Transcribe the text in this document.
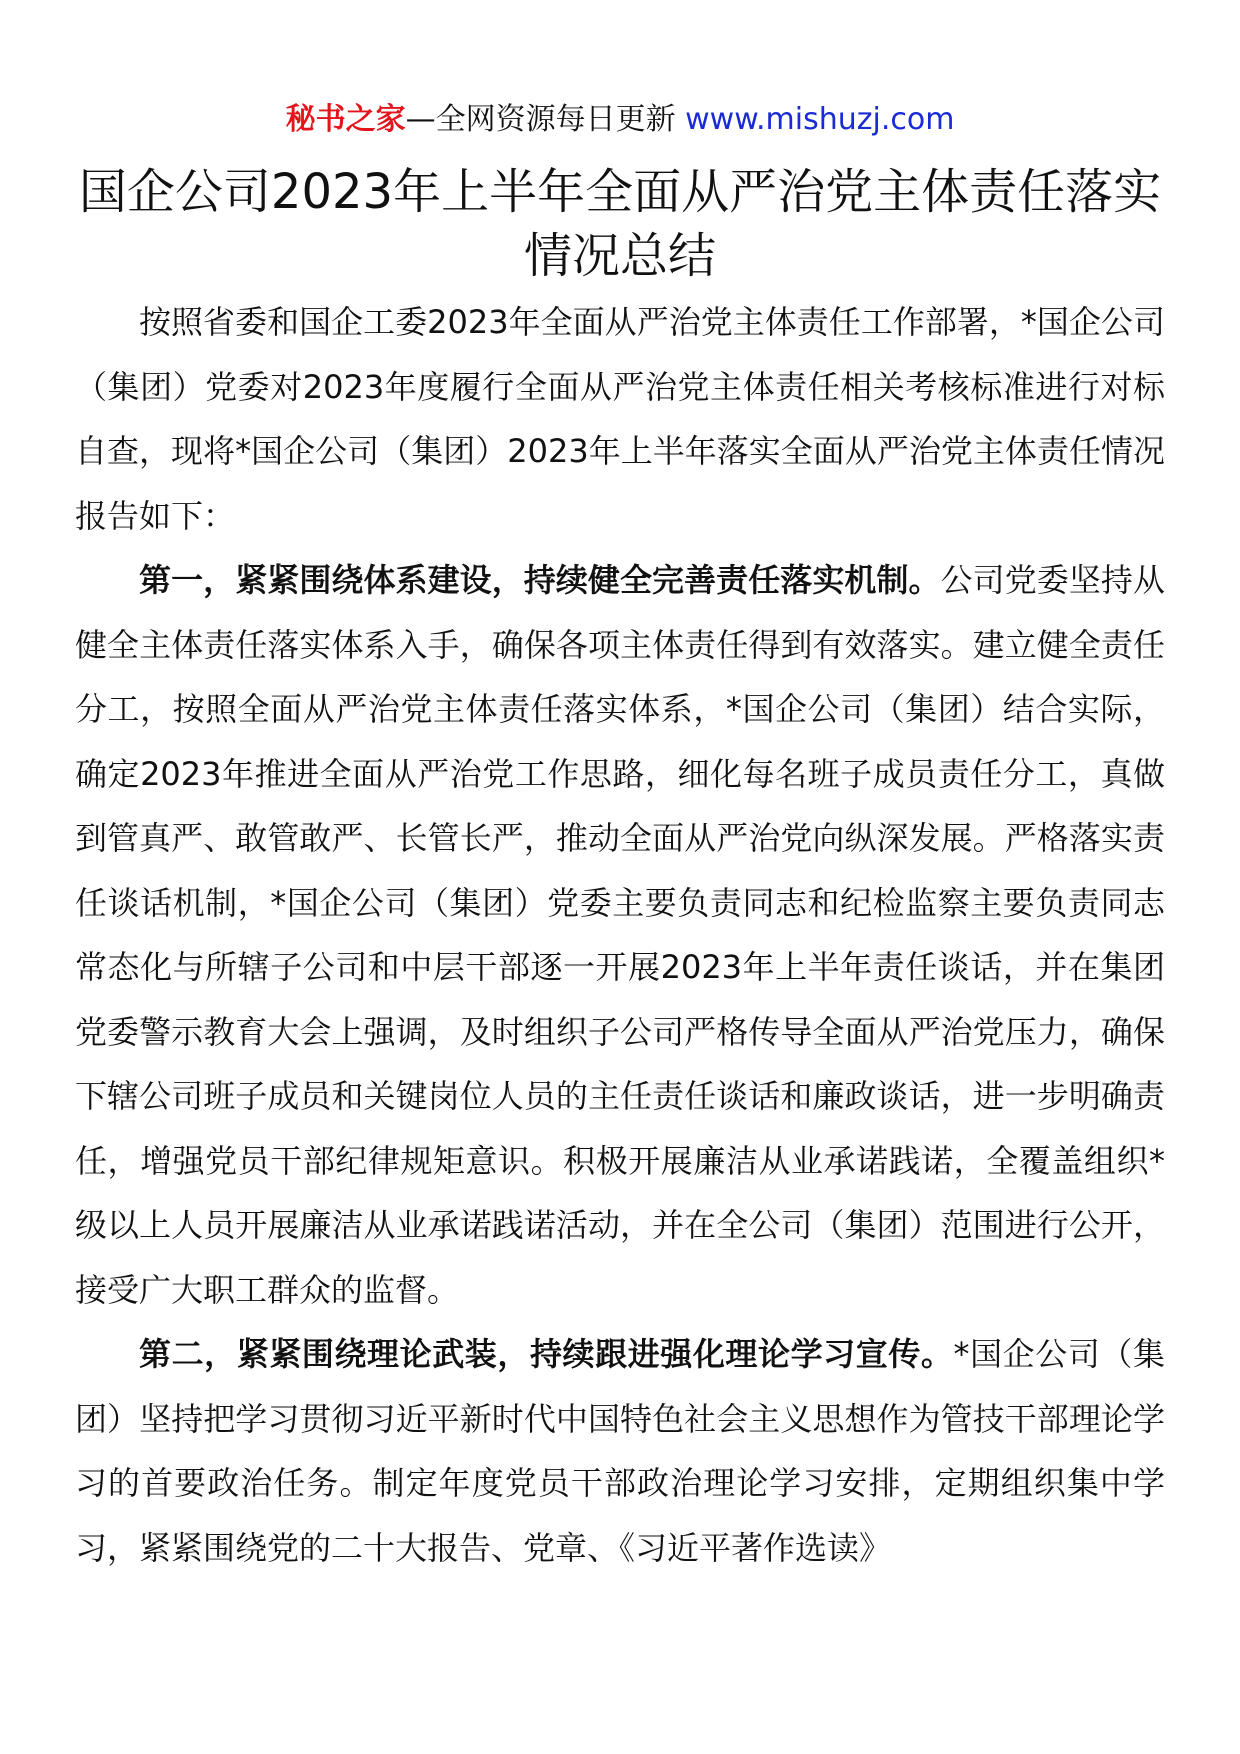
秘书之家—全网资源每日更新 www.mishuzj.com
国企公司2023年上半年全面从严治党主体责任落实
情况总结

按照省委和国企工委2023年全面从严治党主体责任工作部署，*国企公司（集团）党委对2023年度履行全面从严治党主体责任相关考核标准进行对标自查，现将*国企公司（集团）2023年上半年落实全面从严治党主体责任情况报告如下：

第一，紧紧围绕体系建设，持续健全完善责任落实机制。公司党委坚持从健全主体责任落实体系入手，确保各项主体责任得到有效落实。建立健全责任分工，按照全面从严治党主体责任落实体系，*国企公司（集团）结合实际，确定2023年推进全面从严治党工作思路，细化每名班子成员责任分工，真做到管真严、敢管敢严、长管长严，推动全面从严治党向纵深发展。严格落实责任谈话机制，*国企公司（集团）党委主要负责同志和纪检监察主要负责同志常态化与所辖子公司和中层干部逐一开展2023年上半年责任谈话，并在集团党委警示教育大会上强调，及时组织子公司严格传导全面从严治党压力，确保下辖公司班子成员和关键岗位人员的主任责任谈话和廉政谈话，进一步明确责任，增强党员干部纪律规矩意识。积极开展廉洁从业承诺践诺，全覆盖组织*级以上人员开展廉洁从业承诺践诺活动，并在全公司（集团）范围进行公开，接受广大职工群众的监督。

第二，紧紧围绕理论武装，持续跟进强化理论学习宣传。*国企公司（集团）坚持把学习贯彻习近平新时代中国特色社会主义思想作为管技干部理论学习的首要政治任务。制定年度党员干部政治理论学习安排，定期组织集中学习，紧紧围绕党的二十大报告、党章、《习近平著作选读》
